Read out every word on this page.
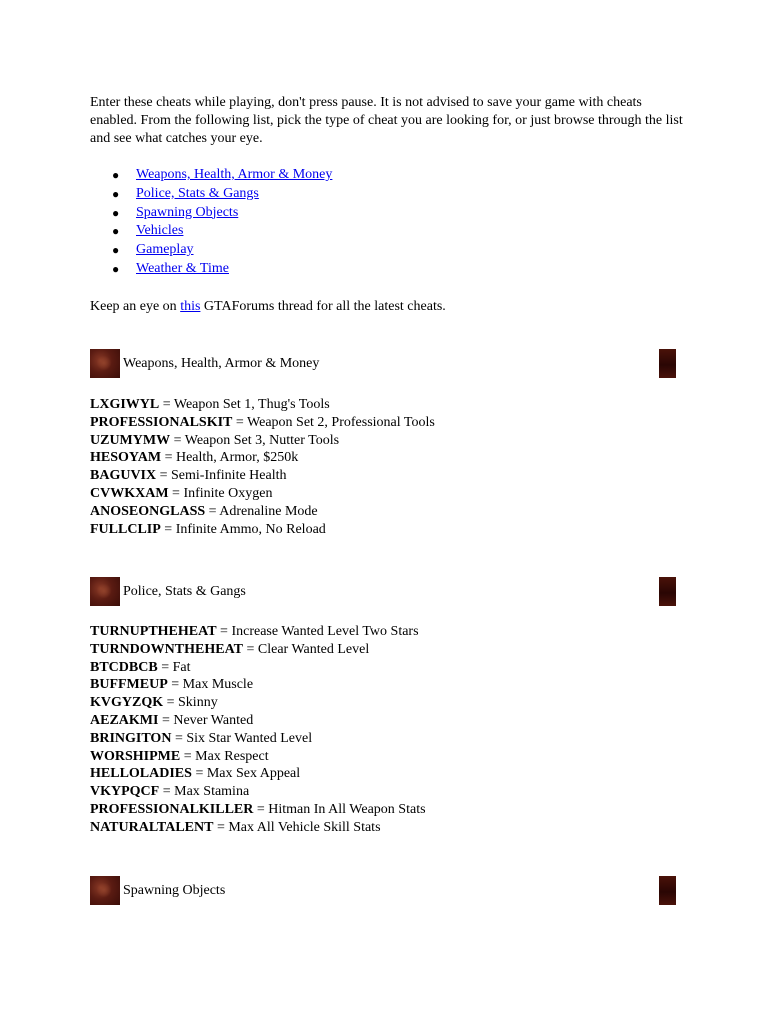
Enter these cheats while playing, don't press pause. It is not advised to save your game with cheats enabled. From the following list, pick the type of cheat you are looking for, or just browse through the list and see what catches your eye.

● Weapons, Health, Armor & Money
● Police, Stats & Gangs
● Spawning Objects
● Vehicles
● Gameplay
● Weather & Time

Keep an eye on this GTAForums thread for all the latest cheats.

Weapons, Health, Armor & Money
LXGIWYL = Weapon Set 1, Thug's Tools
PROFESSIONALSKIT = Weapon Set 2, Professional Tools
UZUMYMW = Weapon Set 3, Nutter Tools
HESOYAM = Health, Armor, $250k
BAGUVIX = Semi-Infinite Health
CVWKXAM = Infinite Oxygen
ANOSEONGLASS = Adrenaline Mode
FULLCLIP = Infinite Ammo, No Reload
Police, Stats & Gangs
TURNUPTHEHEAT = Increase Wanted Level Two Stars
TURNDOWNTHEHEAT = Clear Wanted Level
BTCDBCB = Fat
BUFFMEUP = Max Muscle
KVGYZQK = Skinny
AEZAKMI = Never Wanted
BRINGITON = Six Star Wanted Level
WORSHIPME = Max Respect
HELLOLADIES = Max Sex Appeal
VKYPQCF = Max Stamina
PROFESSIONALKILLER = Hitman In All Weapon Stats
NATURALTALENT = Max All Vehicle Skill Stats
Spawning Objects
